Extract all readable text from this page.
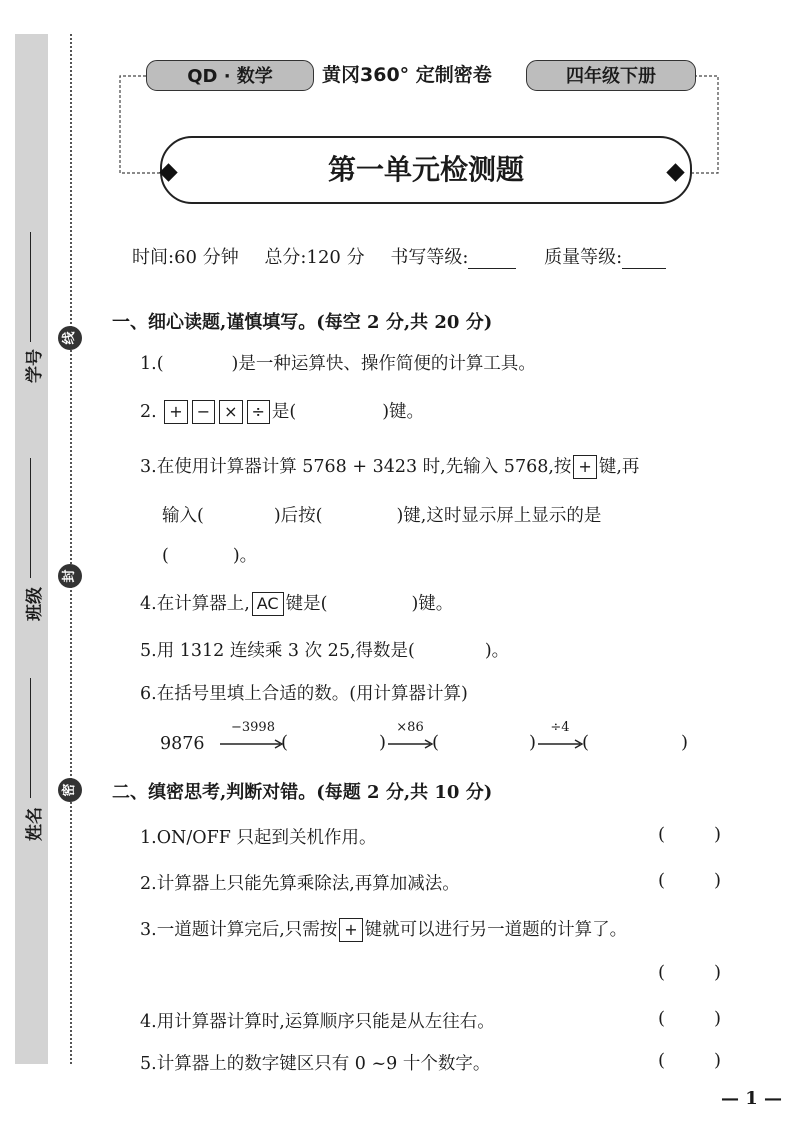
学号
班级
姓名
线
封
密
QD · 数学	黄冈360° 定制密卷	四年级下册
第一单元检测题
时间:60 分钟 总分:120 分 书写等级:	质量等级:
一、细心读题,谨慎填写。(每空 2 分,共 20 分)
1.(	)是一种运算快、操作简便的计算工具。
2. + − × ÷ 是(	)键。
3.在使用计算器计算 5768 + 3423 时,先输入 5768,按 + 键,再
输入(	)后按(	)键,这时显示屏上显示的是
(	)。
4.在计算器上, AC 键是(	)键。
5.用 1312 连续乘 3 次 25,得数是(	)。
6.在括号里填上合适的数。(用计算器计算)
9876
−3998
(	)
×86
(	)
÷4
(	)
二、缜密思考,判断对错。(每题 2 分,共 10 分)
1.ON/OFF 只起到关机作用。	(	)
2.计算器上只能先算乘除法,再算加减法。	(	)
3.一道题计算完后,只需按 + 键就可以进行另一道题的计算了。
(	)
4.用计算器计算时,运算顺序只能是从左往右。	(	)
5.计算器上的数字键区只有 0 ~9 十个数字。	(	)
— 1 —
